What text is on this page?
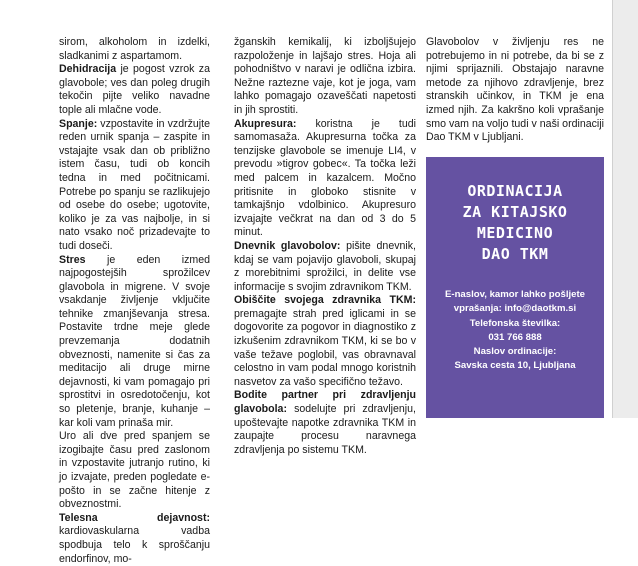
sirom, alkoholom in izdelki, sladkanimi z aspartamom.

Dehidracija je pogost vzrok za glavobole; ves dan poleg drugih tekočin pijte veliko navadne tople ali mlačne vode.

Spanje: vzpostavite in vzdržujte reden urnik spanja – zaspite in vstajajte vsak dan ob približno istem času, tudi ob koncih tedna in med počitnicami. Potrebe po spanju se razlikujejo od osebe do osebe; ugotovite, koliko je za vas najbolje, in si nato vsako noč prizadevajte to tudi doseči.

Stres je eden izmed najpogostejših sprožilcev glavobola in migrene. V svoje vsakdanje življenje vključite tehnike zmanjševanja stresa. Postavite trdne meje glede prevzemanja dodatnih obveznosti, namenite si čas za meditacijo ali druge mirne dejavnosti, ki vam pomagajo pri sprostitvi in osredotočenju, kot so pletenje, branje, kuhanje – kar koli vam prinaša mir.

Uro ali dve pred spanjem se izogibajte času pred zaslonom in vzpostavite jutranjo rutino, ki jo izvajate, preden pogledate e-pošto in se začne hitenje z obveznostmi.

Telesna dejavnost: kardiovaskularna vadba spodbuja telo k sproščanju endorfinov, mo-

žganskih kemikalij, ki izboljšujejo razpoloženje in lajšajo stres. Hoja ali pohodništvo v naravi je odlična izbira. Nežne raztezne vaje, kot je joga, vam lahko pomagajo ozaveščati napetosti in jih sprostiti.

Akupresura: koristna je tudi samomasaža. Akupresurna točka za tenzijske glavobole se imenuje LI4, v prevodu »tigrov gobec«. Ta točka leži med palcem in kazalcem. Močno pritisnite in globoko stisnite v tamkajšnjo vdolbinico. Akupresuro izvajajte večkrat na dan od 3 do 5 minut.

Dnevnik glavobolov: pišite dnevnik, kdaj se vam pojavijo glavoboli, skupaj z morebitnimi sprožilci, in delite vse informacije s svojim zdravnikom TKM.

Obiščite svojega zdravnika TKM: premagajte strah pred iglicami in se dogovorite za pogovor in diagnostiko z izkušenim zdravnikom TKM, ki se bo v vaše težave poglobil, vas obravnaval celostno in vam podal mnogo koristnih nasvetov za vašo specifično težavo.

Bodite partner pri zdravljenju glavobola: sodelujte pri zdravljenju, upoštevajte napotke zdravnika TKM in zaupajte procesu naravnega zdravljenja po sistemu TKM.

Glavobolov v življenju res ne potrebujemo in ni potrebe, da bi se z njimi sprijaznili. Obstajajo naravne metode za njihovo zdravljenje, brez stranskih učinkov, in TKM je ena izmed njih. Za kakršno koli vprašanje smo vam na voljo tudi v naši ordinaciji Dao TKM v Ljubljani.

ORDINACIJA
ZA KITAJSKO
MEDICINO
DAO TKM
E-naslov, kamor lahko pošljete
vprašanja: info@daotkm.si
Telefonska številka:
031 766 888
Naslov ordinacije:
Savska cesta 10, Ljubljana
